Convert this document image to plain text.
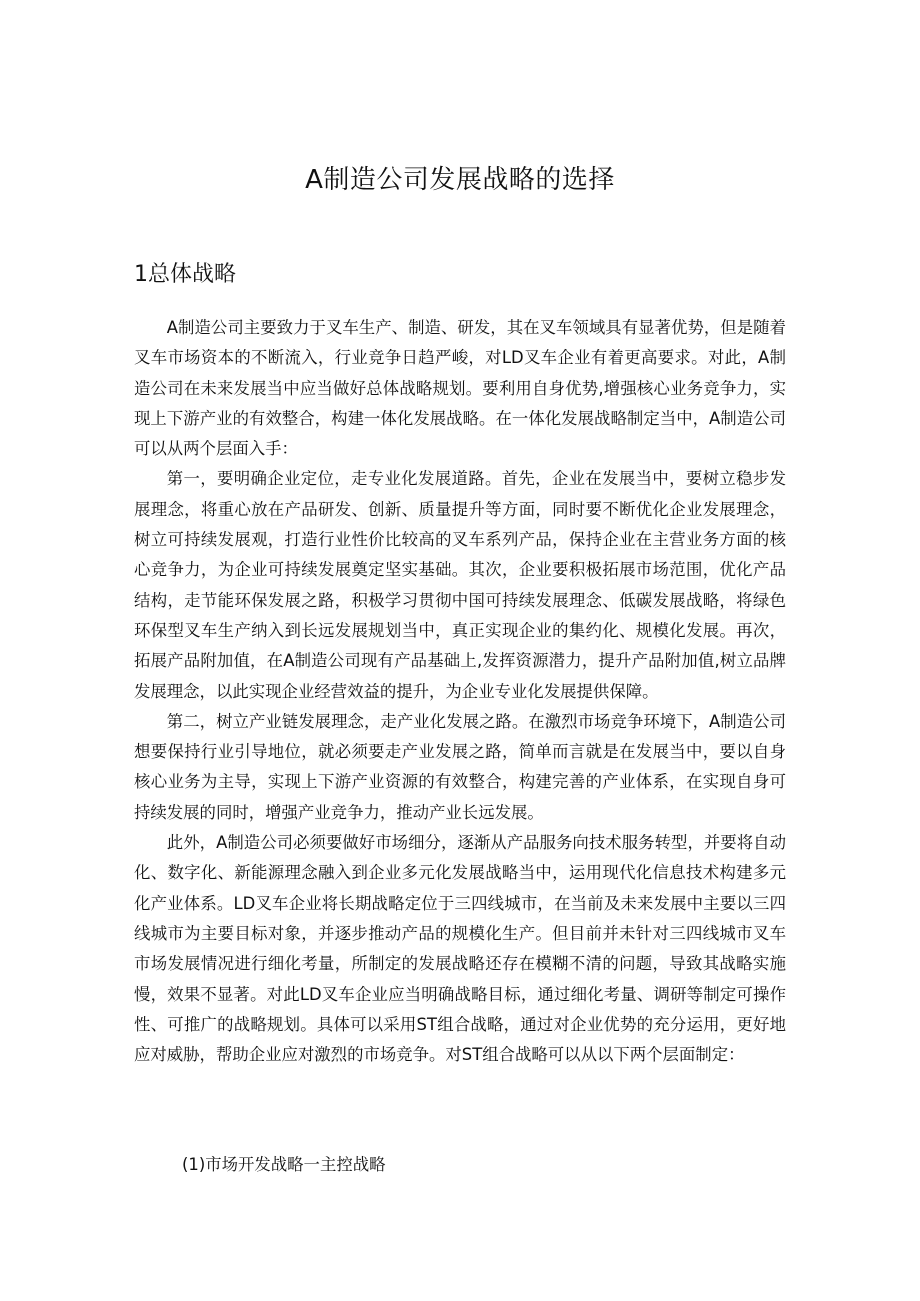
A制造公司发展战略的选择
1总体战略

A制造公司主要致力于叉车生产、制造、研发，其在叉车领域具有显著优势，但是随着叉车市场资本的不断流入，行业竞争日趋严峻，对LD叉车企业有着更高要求。对此，A制造公司在未来发展当中应当做好总体战略规划。要利用自身优势,增强核心业务竞争力，实现上下游产业的有效整合，构建一体化发展战略。在一体化发展战略制定当中，A制造公司可以从两个层面入手：

第一，要明确企业定位，走专业化发展道路。首先，企业在发展当中，要树立稳步发展理念，将重心放在产品研发、创新、质量提升等方面，同时要不断优化企业发展理念，树立可持续发展观，打造行业性价比较高的叉车系列产品，保持企业在主营业务方面的核心竞争力，为企业可持续发展奠定坚实基础。其次，企业要积极拓展市场范围，优化产品结构，走节能环保发展之路，积极学习贯彻中国可持续发展理念、低碳发展战略，将绿色环保型叉车生产纳入到长远发展规划当中，真正实现企业的集约化、规模化发展。再次，拓展产品附加值，在A制造公司现有产品基础上,发挥资源潜力，提升产品附加值,树立品牌发展理念，以此实现企业经营效益的提升，为企业专业化发展提供保障。

第二，树立产业链发展理念，走产业化发展之路。在激烈市场竞争环境下，A制造公司想要保持行业引导地位，就必须要走产业发展之路，简单而言就是在发展当中，要以自身核心业务为主导，实现上下游产业资源的有效整合，构建完善的产业体系，在实现自身可持续发展的同时，增强产业竞争力，推动产业长远发展。

此外，A制造公司必须要做好市场细分，逐渐从产品服务向技术服务转型，并要将自动化、数字化、新能源理念融入到企业多元化发展战略当中，运用现代化信息技术构建多元化产业体系。LD叉车企业将长期战略定位于三四线城市，在当前及未来发展中主要以三四线城市为主要目标对象，并逐步推动产品的规模化生产。但目前并未针对三四线城市叉车市场发展情况进行细化考量，所制定的发展战略还存在模糊不清的问题，导致其战略实施慢，效果不显著。对此LD叉车企业应当明确战略目标，通过细化考量、调研等制定可操作性、可推广的战略规划。具体可以采用ST组合战略，通过对企业优势的充分运用，更好地应对威胁，帮助企业应对激烈的市场竞争。对ST组合战略可以从以下两个层面制定：

(1)市场开发战略一主控战略
